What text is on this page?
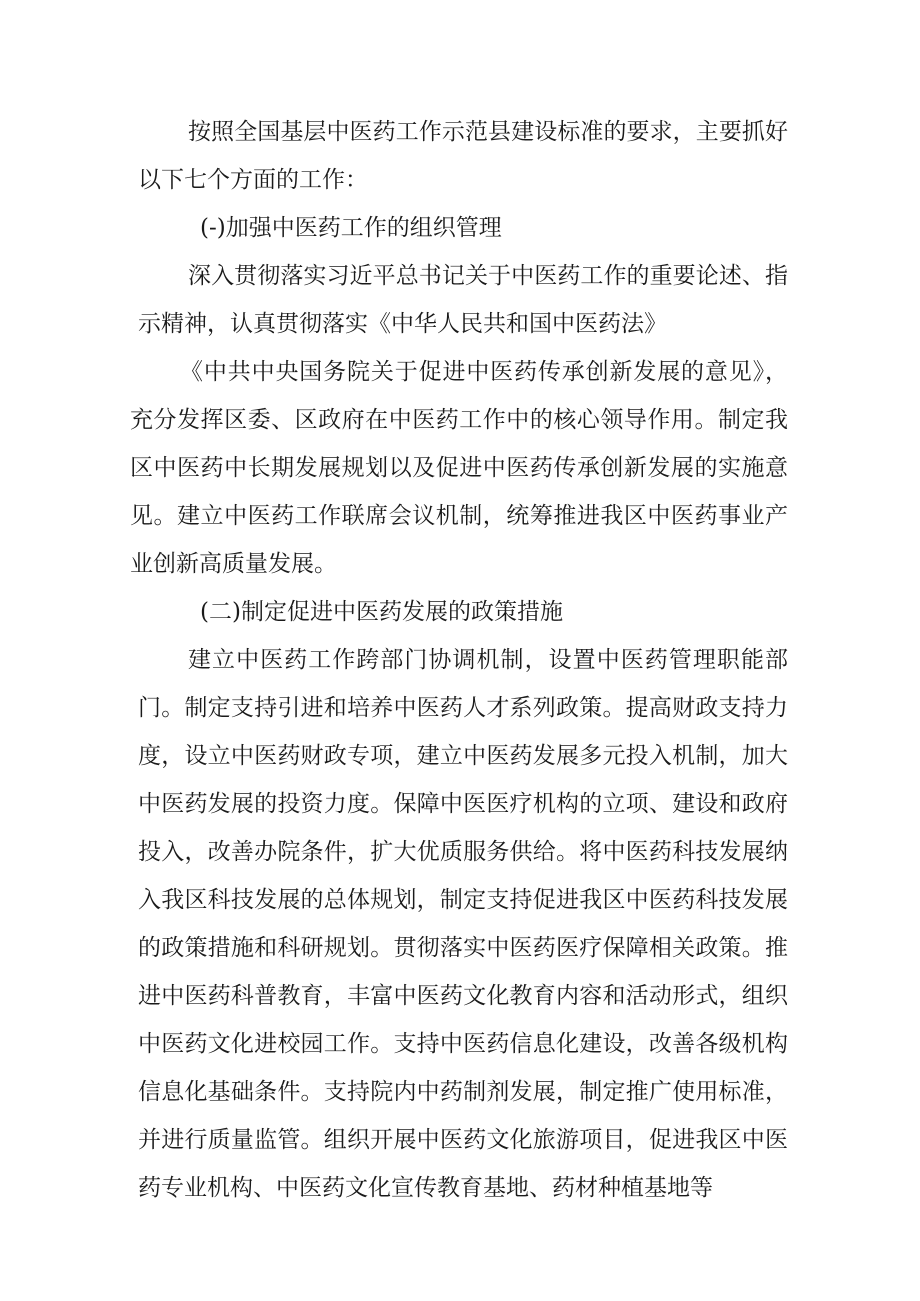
按照全国基层中医药工作示范县建设标准的要求，主要抓好以下七个方面的工作：

(-)加强中医药工作的组织管理

深入贯彻落实习近平总书记关于中医药工作的重要论述、指示精神，认真贯彻落实《中华人民共和国中医药法》
《中共中央国务院关于促进中医药传承创新发展的意见》，充分发挥区委、区政府在中医药工作中的核心领导作用。制定我区中医药中长期发展规划以及促进中医药传承创新发展的实施意见。建立中医药工作联席会议机制，统筹推进我区中医药事业产业创新高质量发展。

(二)制定促进中医药发展的政策措施

建立中医药工作跨部门协调机制，设置中医药管理职能部门。制定支持引进和培养中医药人才系列政策。提高财政支持力度，设立中医药财政专项，建立中医药发展多元投入机制，加大中医药发展的投资力度。保障中医医疗机构的立项、建设和政府投入，改善办院条件，扩大优质服务供给。将中医药科技发展纳入我区科技发展的总体规划，制定支持促进我区中医药科技发展的政策措施和科研规划。贯彻落实中医药医疗保障相关政策。推进中医药科普教育，丰富中医药文化教育内容和活动形式，组织中医药文化进校园工作。支持中医药信息化建设，改善各级机构信息化基础条件。支持院内中药制剂发展，制定推广使用标准，并进行质量监管。组织开展中医药文化旅游项目，促进我区中医药专业机构、中医药文化宣传教育基地、药材种植基地等
